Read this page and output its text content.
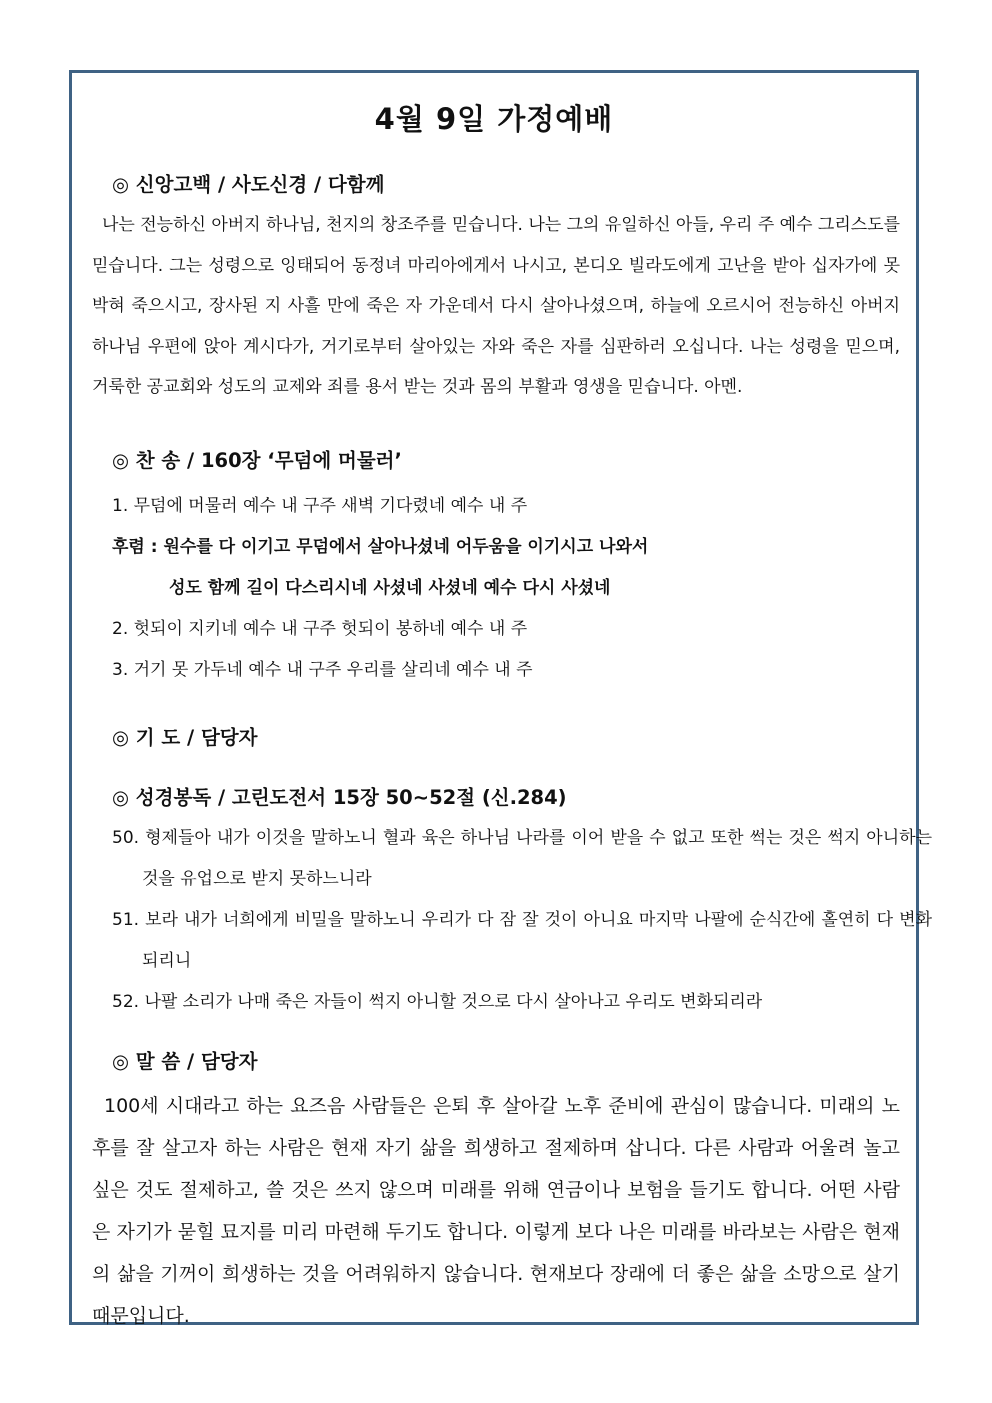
4월 9일 가정예배
◎ 신앙고백 / 사도신경 / 다함께
나는 전능하신 아버지 하나님, 천지의 창조주를 믿습니다. 나는 그의 유일하신 아들, 우리 주 예수 그리스도를 믿습니다. 그는 성령으로 잉태되어 동정녀 마리아에게서 나시고, 본디오 빌라도에게 고난을 받아 십자가에 못 박혀 죽으시고, 장사된 지 사흘 만에 죽은 자 가운데서 다시 살아나셨으며, 하늘에 오르시어 전능하신 아버지 하나님 우편에 앉아 계시다가, 거기로부터 살아있는 자와 죽은 자를 심판하러 오십니다. 나는 성령을 믿으며, 거룩한 공교회와 성도의 교제와 죄를 용서 받는 것과 몸의 부활과 영생을 믿습니다. 아멘.
◎ 찬 송 / 160장 ‘무덤에 머물러’
1. 무덤에 머물러 예수 내 구주 새벽 기다렸네 예수 내 주
후렴 : 원수를 다 이기고 무덤에서 살아나셨네 어두움을 이기시고 나와서
성도 함께 길이 다스리시네 사셨네 사셨네 예수 다시 사셨네
2. 헛되이 지키네 예수 내 구주 헛되이 봉하네 예수 내 주
3. 거기 못 가두네 예수 내 구주 우리를 살리네 예수 내 주
◎ 기 도 / 담당자
◎ 성경봉독 / 고린도전서 15장 50∼52절 (신.284)
50. 형제들아 내가 이것을 말하노니 혈과 육은 하나님 나라를 이어 받을 수 없고 또한 썩는 것은 썩지 아니하는 것을 유업으로 받지 못하느니라
51. 보라 내가 너희에게 비밀을 말하노니 우리가 다 잠 잘 것이 아니요 마지막 나팔에 순식간에 홀연히 다 변화되리니
52. 나팔 소리가 나매 죽은 자들이 썩지 아니할 것으로 다시 살아나고 우리도 변화되리라
◎ 말 씀 / 담당자
100세 시대라고 하는 요즈음 사람들은 은퇴 후 살아갈 노후 준비에 관심이 많습니다. 미래의 노후를 잘 살고자 하는 사람은 현재 자기 삶을 희생하고 절제하며 삽니다. 다른 사람과 어울려 놀고 싶은 것도 절제하고, 쓸 것은 쓰지 않으며 미래를 위해 연금이나 보험을 들기도 합니다. 어떤 사람은 자기가 묻힐 묘지를 미리 마련해 두기도 합니다. 이렇게 보다 나은 미래를 바라보는 사람은 현재의 삶을 기꺼이 희생하는 것을 어려워하지 않습니다. 현재보다 장래에 더 좋은 삶을 소망으로 살기 때문입니다.
